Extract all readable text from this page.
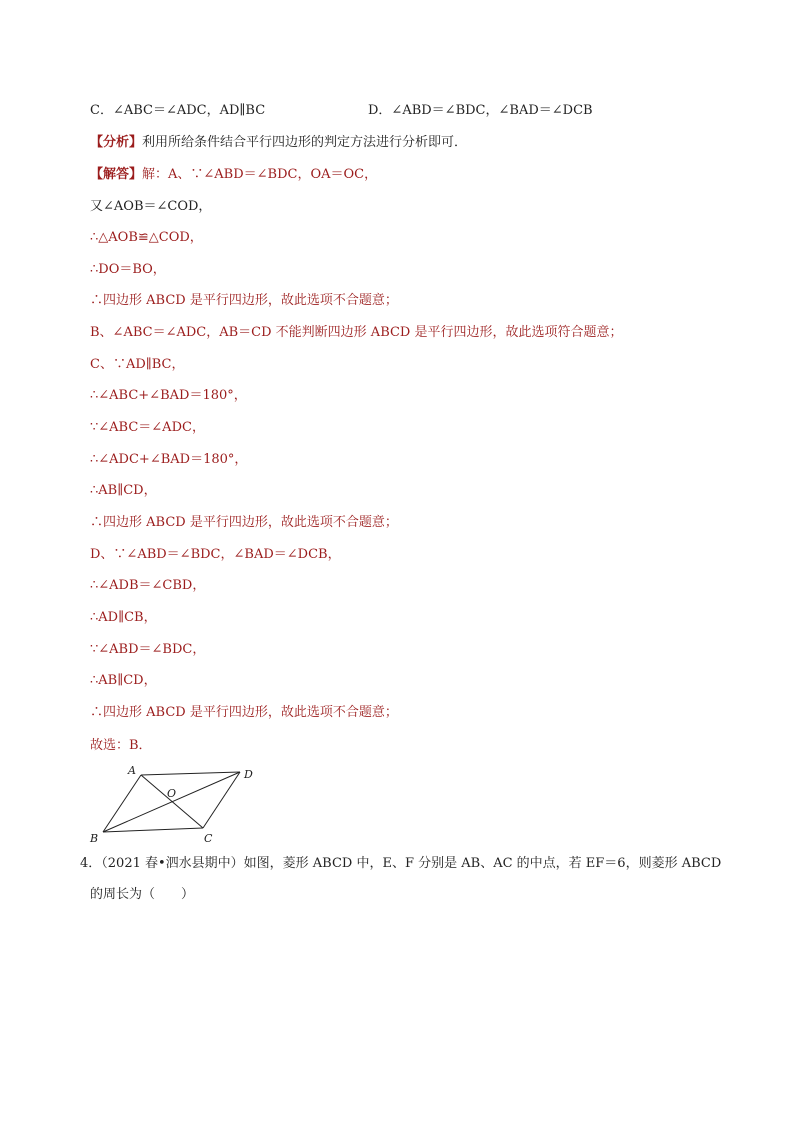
C．∠ABC＝∠ADC，AD∥BC	D．∠ABD＝∠BDC，∠BAD＝∠DCB
【分析】利用所给条件结合平行四边形的判定方法进行分析即可．
【解答】解：A、∵∠ABD＝∠BDC，OA＝OC，
又∠AOB＝∠COD，
∴△AOB≌△COD，
∴DO＝BO，
∴四边形 ABCD 是平行四边形，故此选项不合题意；
B、∠ABC＝∠ADC，AB＝CD 不能判断四边形 ABCD 是平行四边形，故此选项符合题意；
C、∵AD∥BC，
∴∠ABC+∠BAD＝180°，
∵∠ABC＝∠ADC，
∴∠ADC+∠BAD＝180°，
∴AB∥CD，
∴四边形 ABCD 是平行四边形，故此选项不合题意；
D、∵∠ABD＝∠BDC，∠BAD＝∠DCB，
∴∠ADB＝∠CBD，
∴AD∥CB，
∵∠ABD＝∠BDC，
∴AB∥CD，
∴四边形 ABCD 是平行四边形，故此选项不合题意；
故选：B．
A	D
O
B	C
4．（2021 春•泗水县期中）如图，菱形 ABCD 中，E、F 分别是 AB、AC 的中点，若 EF＝6，则菱形 ABCD
的周长为（　　）
